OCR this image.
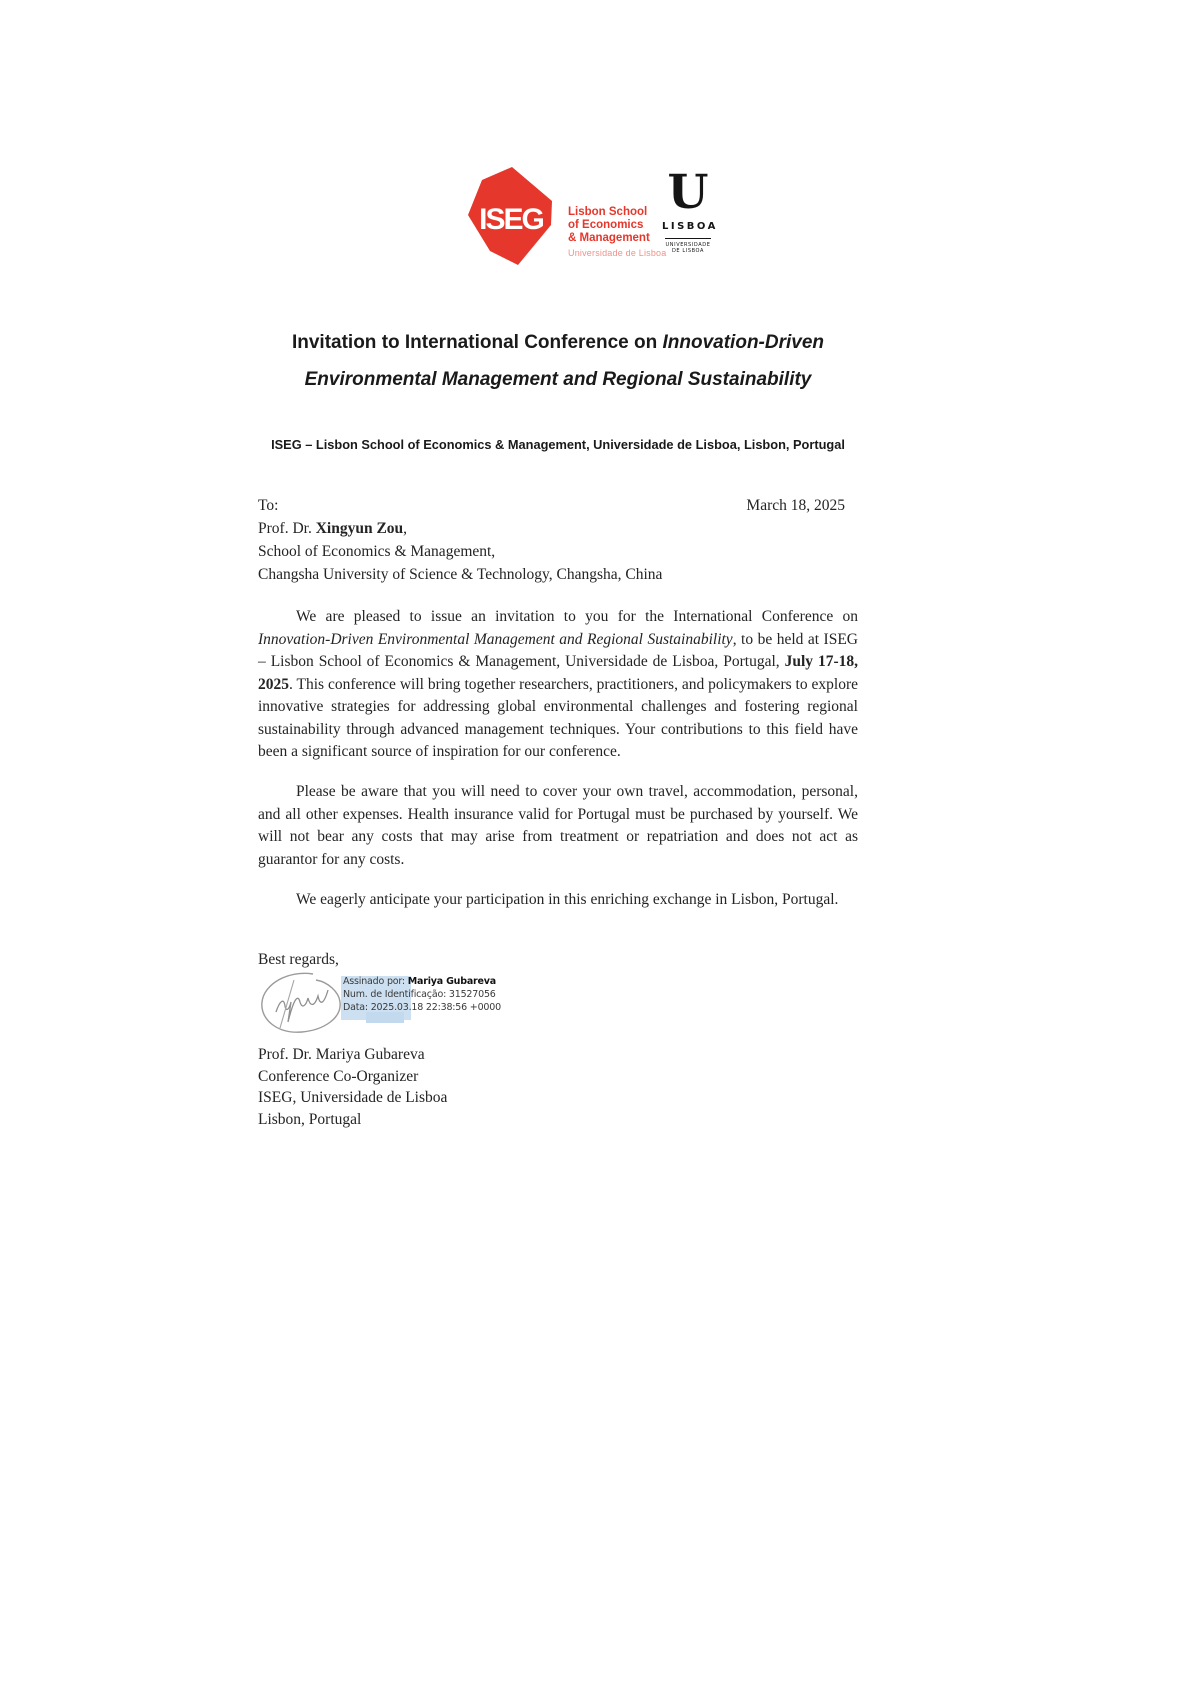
ISEG Lisbon School
of Economics
& Management
Universidade de Lisboa
U
LISBOA
UNIVERSIDADE
DE LISBOA
Invitation to International Conference on Innovation-Driven
Environmental Management and Regional Sustainability
ISEG – Lisbon School of Economics & Management, Universidade de Lisboa, Lisbon, Portugal
To:	March 18, 2025
Prof. Dr. Xingyun Zou,
School of Economics & Management,
Changsha University of Science & Technology, Changsha, China
We are pleased to issue an invitation to you for the International Conference on Innovation-Driven Environmental Management and Regional Sustainability, to be held at ISEG – Lisbon School of Economics & Management, Universidade de Lisboa, Portugal, July 17-18, 2025. This conference will bring together researchers, practitioners, and policymakers to explore innovative strategies for addressing global environmental challenges and fostering regional sustainability through advanced management techniques. Your contributions to this field have been a significant source of inspiration for our conference.
Please be aware that you will need to cover your own travel, accommodation, personal, and all other expenses. Health insurance valid for Portugal must be purchased by yourself. We will not bear any costs that may arise from treatment or repatriation and does not act as guarantor for any costs.
We eagerly anticipate your participation in this enriching exchange in Lisbon, Portugal.
Best regards,
Assinado por: Mariya Gubareva
Num. de Identificação: 31527056
Data: 2025.03.18 22:38:56 +0000
Prof. Dr. Mariya Gubareva
Conference Co-Organizer
ISEG, Universidade de Lisboa
Lisbon, Portugal
